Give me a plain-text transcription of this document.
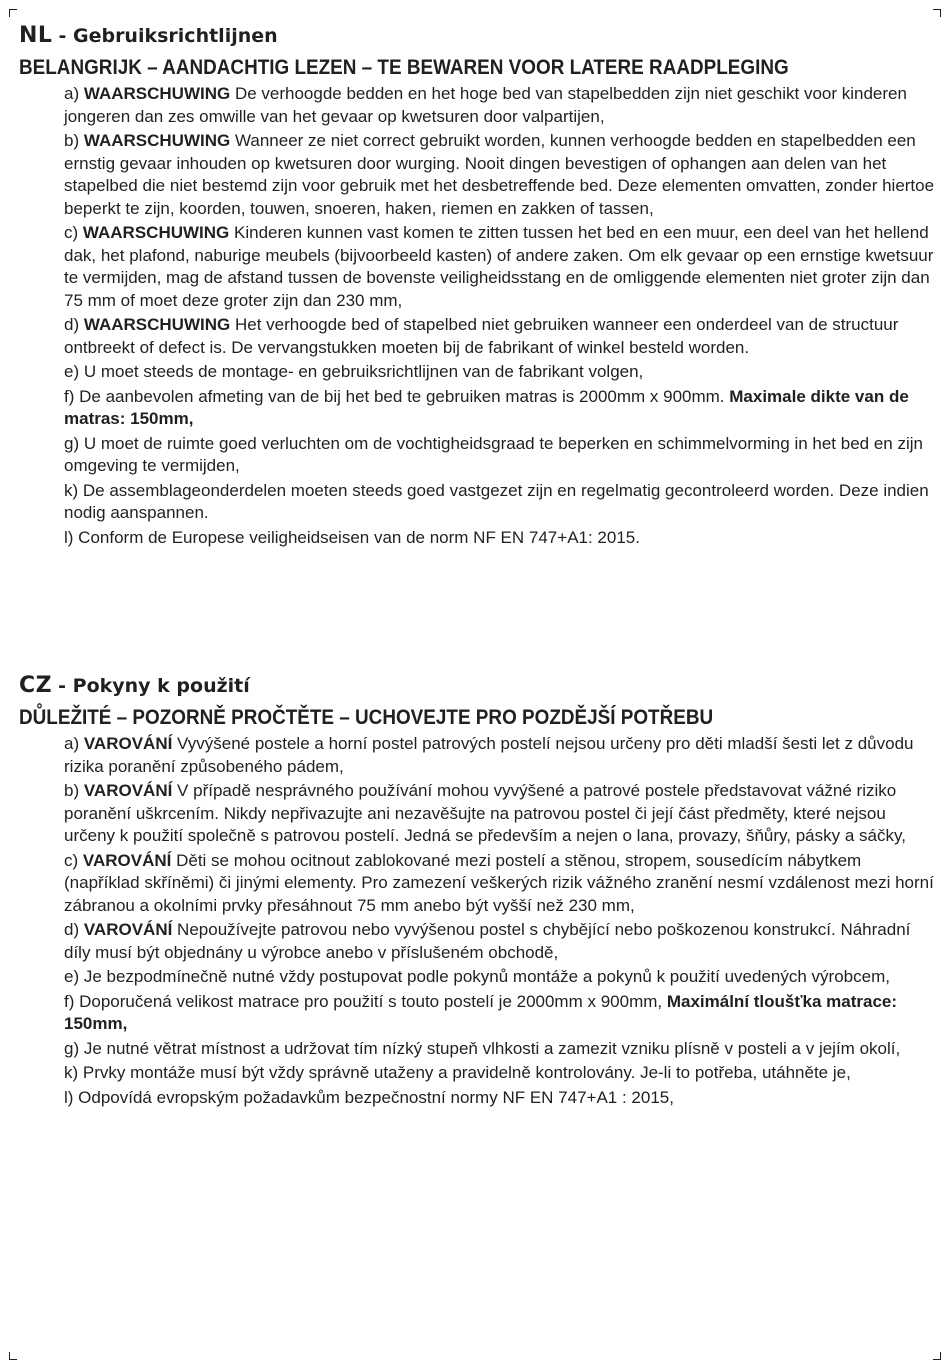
NL - Gebruiksrichtlijnen

BELANGRIJK – AANDACHTIG LEZEN – TE BEWAREN VOOR LATERE RAADPLEGING
a) WAARSCHUWING De verhoogde bedden en het hoge bed van stapelbedden zijn niet geschikt voor kinderen jongeren dan zes omwille van het gevaar op kwetsuren door valpartijen,
b) WAARSCHUWING Wanneer ze niet correct gebruikt worden, kunnen verhoogde bedden en stapelbedden een ernstig gevaar inhouden op kwetsuren door wurging. Nooit dingen bevestigen of ophangen aan delen van het stapelbed die niet bestemd zijn voor gebruik met het desbetreffende bed. Deze elementen omvatten, zonder hiertoe beperkt te zijn, koorden, touwen, snoeren, haken, riemen en zakken of tassen,
c) WAARSCHUWING Kinderen kunnen vast komen te zitten tussen het bed en een muur, een deel van het hellend dak, het plafond, naburige meubels (bijvoorbeeld kasten) of andere zaken. Om elk gevaar op een ernstige kwetsuur te vermijden, mag de afstand tussen de bovenste veiligheidsstang en de omliggende elementen niet groter zijn dan 75 mm of moet deze groter zijn dan 230 mm,
d) WAARSCHUWING Het verhoogde bed of stapelbed niet gebruiken wanneer een onderdeel van de structuur ontbreekt of defect is. De vervangstukken moeten bij de fabrikant of winkel besteld worden.
e) U moet steeds de montage- en gebruiksrichtlijnen van de fabrikant volgen,
f) De aanbevolen afmeting van de bij het bed te gebruiken matras is 2000mm x 900mm. Maximale dikte van de matras: 150mm,
g) U moet de ruimte goed verluchten om de vochtigheidsgraad te beperken en schimmelvorming in het bed en zijn omgeving te vermijden,
k) De assemblageonderdelen moeten steeds goed vastgezet zijn en regelmatig gecontroleerd worden. Deze indien nodig aanspannen.
l) Conform de Europese veiligheidseisen van de norm NF EN 747+A1: 2015.

CZ - Pokyny k použití

DŮLEŽITÉ – POZORNĚ PROČTĚTE – UCHOVEJTE PRO POZDĚJŠÍ POTŘEBU
a) VAROVÁNÍ Vyvýšené postele a horní postel patrových postelí nejsou určeny pro děti mladší šesti let z důvodu rizika poranění způsobeného pádem,
b) VAROVÁNÍ V případě nesprávného používání mohou vyvýšené a patrové postele představovat vážné riziko poranění uškrcením. Nikdy nepřivazujte ani nezavěšujte na patrovou postel či její část předměty, které nejsou určeny k použití společně s patrovou postelí. Jedná se především a nejen o lana, provazy, šňůry, pásky a sáčky,
c) VAROVÁNÍ Děti se mohou ocitnout zablokované mezi postelí a stěnou, stropem, sousedícím nábytkem (například skříněmi) či jinými elementy. Pro zamezení veškerých rizik vážného zranění nesmí vzdálenost mezi horní zábranou a okolními prvky přesáhnout 75 mm anebo být vyšší než 230 mm,
d) VAROVÁNÍ Nepoužívejte patrovou nebo vyvýšenou postel s chybějící nebo poškozenou konstrukcí. Náhradní díly musí být objednány u výrobce anebo v příslušeném obchodě,
e) Je bezpodmínečně nutné vždy postupovat podle pokynů montáže a pokynů k použití uvedených výrobcem,
f) Doporučená velikost matrace pro použití s touto postelí je 2000mm x 900mm, Maximální tloušťka matrace: 150mm,
g) Je nutné větrat místnost a udržovat tím nízký stupeň vlhkosti a zamezit vzniku plísně v posteli a v jejím okolí,
k) Prvky montáže musí být vždy správně utaženy a pravidelně kontrolovány. Je-li to potřeba, utáhněte je,
l) Odpovídá evropským požadavkům bezpečnostní normy NF EN 747+A1 : 2015,
